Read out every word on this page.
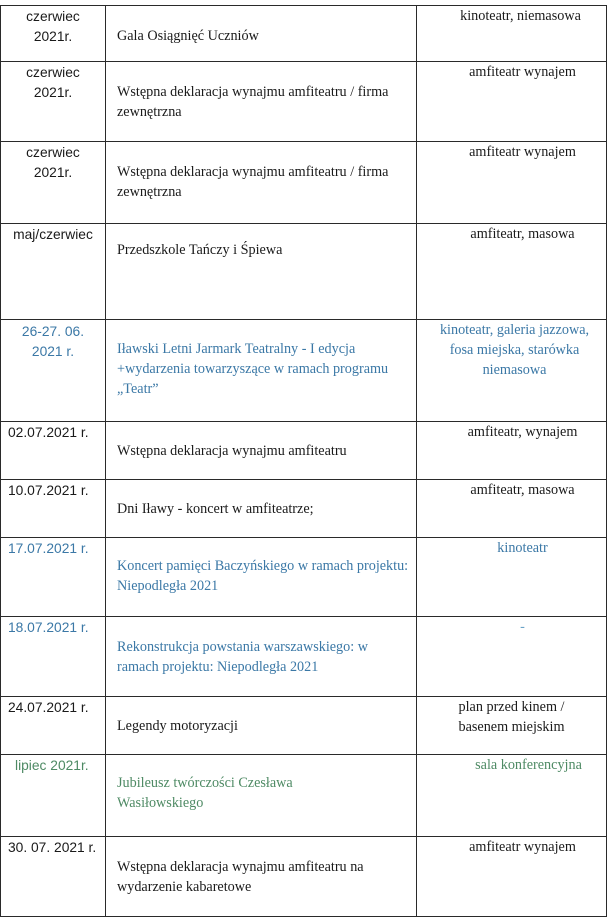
czerwiec 2021r.	Gala Osiągnięć Uczniów	kinoteatr, niemasowa

czerwiec 2021r.	Wstępna deklaracja wynajmu amfiteatru / firma zewnętrzna	amfiteatr wynajem

czerwiec 2021r.	Wstępna deklaracja wynajmu amfiteatru / firma zewnętrzna	amfiteatr wynajem

maj/czerwiec	Przedszkole Tańczy i Śpiewa	amfiteatr, masowa

26-27. 06. 2021 r.	Iławski Letni Jarmark Teatralny - I edycja +wydarzenia towarzyszące w ramach programu „Teatr”	kinoteatr, galeria jazzowa, fosa miejska, starówka niemasowa

02.07.2021 r.	Wstępna deklaracja wynajmu amfiteatru	amfiteatr, wynajem

10.07.2021 r.	Dni Iławy - koncert w amfiteatrze;	amfiteatr, masowa

17.07.2021 r.	Koncert pamięci Baczyńskiego w ramach projektu: Niepodległa 2021	kinoteatr

18.07.2021 r.	Rekonstrukcja powstania warszawskiego: w ramach projektu: Niepodległa 2021	-

24.07.2021 r.	Legendy motoryzacji	plan przed kinem / basenem miejskim

lipiec 2021r.	Jubileusz twórczości Czesława Wasiłowskiego	sala konferencyjna

30. 07. 2021 r.	Wstępna deklaracja wynajmu amfiteatru na wydarzenie kabaretowe	amfiteatr wynajem
